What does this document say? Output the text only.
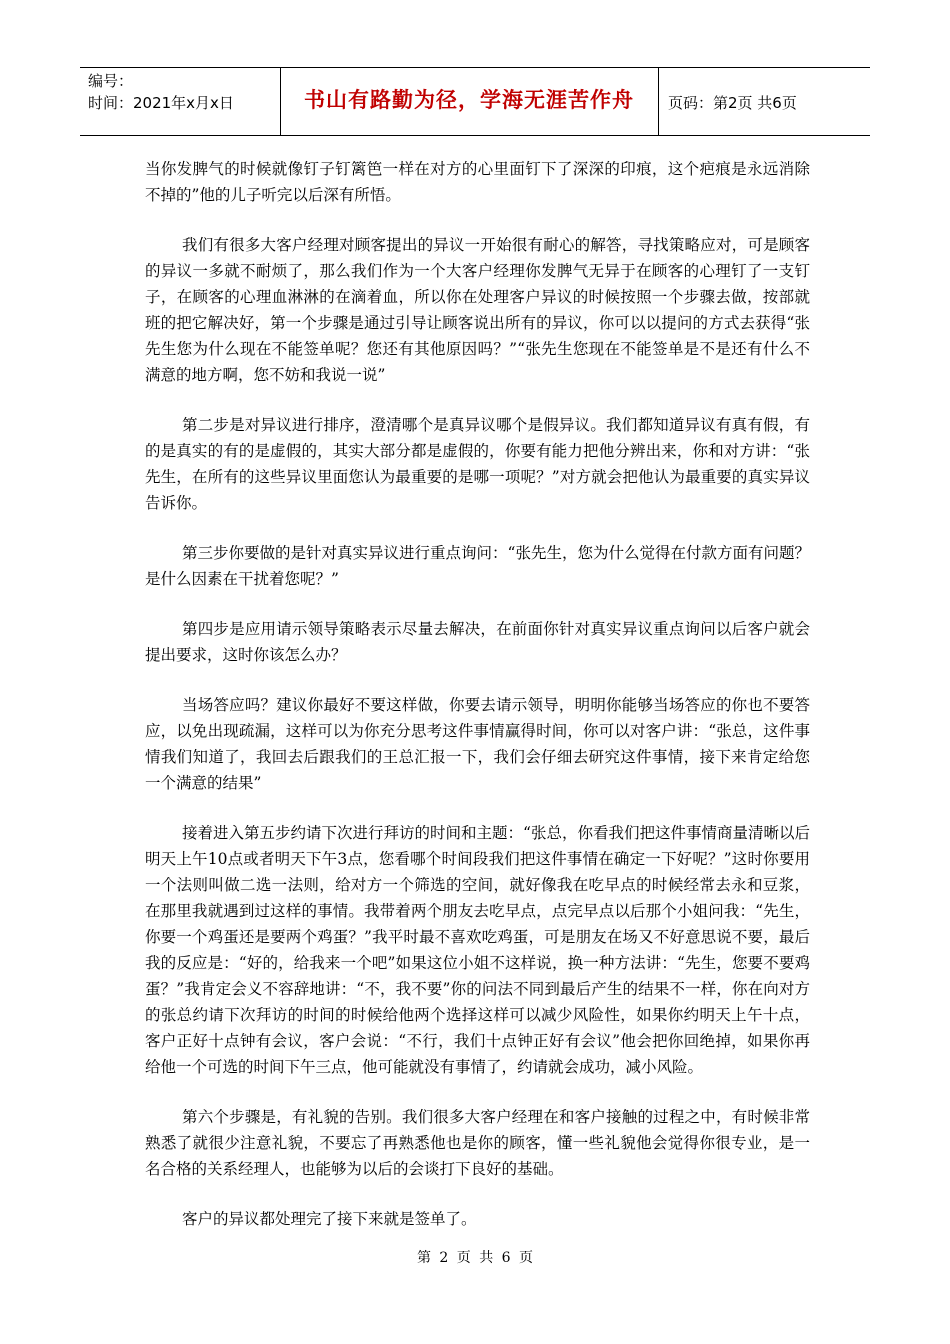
编号：
时间：2021年x月x日	书山有路勤为径，学海无涯苦作舟	页码：第2页 共6页

当你发脾气的时候就像钉子钉篱笆一样在对方的心里面钉下了深深的印痕，这个疤痕是永远消除不掉的”他的儿子听完以后深有所悟。

我们有很多大客户经理对顾客提出的异议一开始很有耐心的解答，寻找策略应对，可是顾客的异议一多就不耐烦了，那么我们作为一个大客户经理你发脾气无异于在顾客的心理钉了一支钉子，在顾客的心理血淋淋的在滴着血，所以你在处理客户异议的时候按照一个步骤去做，按部就班的把它解决好，第一个步骤是通过引导让顾客说出所有的异议，你可以以提问的方式去获得“张先生您为什么现在不能签单呢？您还有其他原因吗？”“张先生您现在不能签单是不是还有什么不满意的地方啊，您不妨和我说一说”

第二步是对异议进行排序，澄清哪个是真异议哪个是假异议。我们都知道异议有真有假，有的是真实的有的是虚假的，其实大部分都是虚假的，你要有能力把他分辨出来，你和对方讲：“张先生，在所有的这些异议里面您认为最重要的是哪一项呢？”对方就会把他认为最重要的真实异议告诉你。

第三步你要做的是针对真实异议进行重点询问：“张先生，您为什么觉得在付款方面有问题？是什么因素在干扰着您呢？”

第四步是应用请示领导策略表示尽量去解决，在前面你针对真实异议重点询问以后客户就会提出要求，这时你该怎么办？

当场答应吗？建议你最好不要这样做，你要去请示领导，明明你能够当场答应的你也不要答应，以免出现疏漏，这样可以为你充分思考这件事情赢得时间，你可以对客户讲：“张总，这件事情我们知道了，我回去后跟我们的王总汇报一下，我们会仔细去研究这件事情，接下来肯定给您一个满意的结果”

接着进入第五步约请下次进行拜访的时间和主题：“张总，你看我们把这件事情商量清晰以后明天上午10点或者明天下午3点，您看哪个时间段我们把这件事情在确定一下好呢？”这时你要用一个法则叫做二选一法则，给对方一个筛选的空间，就好像我在吃早点的时候经常去永和豆浆，在那里我就遇到过这样的事情。我带着两个朋友去吃早点，点完早点以后那个小姐问我：“先生，你要一个鸡蛋还是要两个鸡蛋？”我平时最不喜欢吃鸡蛋，可是朋友在场又不好意思说不要，最后我的反应是：“好的，给我来一个吧”如果这位小姐不这样说，换一种方法讲：“先生，您要不要鸡蛋？”我肯定会义不容辞地讲：“不，我不要”你的问法不同到最后产生的结果不一样，你在向对方的张总约请下次拜访的时间的时候给他两个选择这样可以减少风险性，如果你约明天上午十点，客户正好十点钟有会议，客户会说：“不行，我们十点钟正好有会议”他会把你回绝掉，如果你再给他一个可选的时间下午三点，他可能就没有事情了，约请就会成功，减小风险。

第六个步骤是，有礼貌的告别。我们很多大客户经理在和客户接触的过程之中，有时候非常熟悉了就很少注意礼貌，不要忘了再熟悉他也是你的顾客，懂一些礼貌他会觉得你很专业，是一名合格的关系经理人，也能够为以后的会谈打下良好的基础。

客户的异议都处理完了接下来就是签单了。

第 2 页 共 6 页
